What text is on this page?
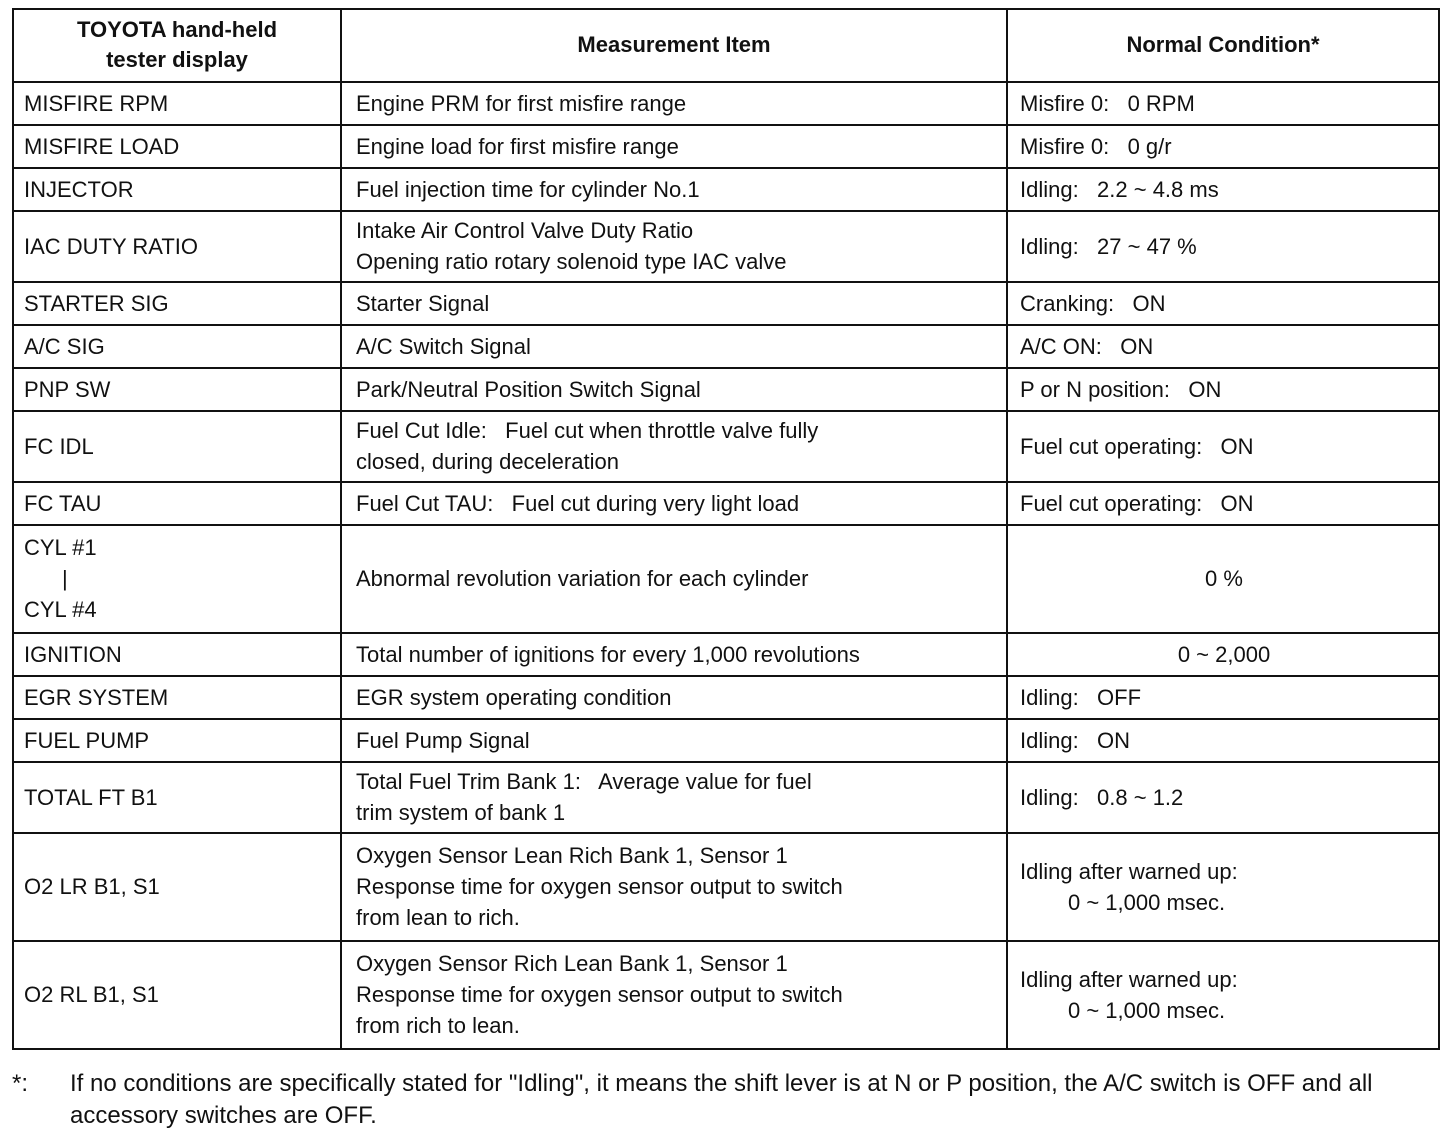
TOYOTA hand-held
tester display	Measurement Item	Normal Condition*
MISFIRE RPM	Engine PRM for first misfire range	Misfire 0:   0 RPM

MISFIRE LOAD	Engine load for first misfire range	Misfire 0:   0 g/r

INJECTOR	Fuel injection time for cylinder No.1	Idling:   2.2 ~ 4.8 ms

IAC DUTY RATIO	Intake Air Control Valve Duty Ratio
Opening ratio rotary solenoid type IAC valve	Idling:   27 ~ 47 %

STARTER SIG	Starter Signal	Cranking:   ON

A/C SIG	A/C Switch Signal	A/C ON:   ON

PNP SW	Park/Neutral Position Switch Signal	P or N position:   ON

FC IDL	Fuel Cut Idle:   Fuel cut when throttle valve fully
closed, during deceleration	Fuel cut operating:   ON

FC TAU	Fuel Cut TAU:   Fuel cut during very light load	Fuel cut operating:   ON

CYL #1
|
CYL #4	Abnormal revolution variation for each cylinder	0 %

IGNITION	Total number of ignitions for every 1,000 revolutions	0 ~ 2,000

EGR SYSTEM	EGR system operating condition	Idling:   OFF

FUEL PUMP	Fuel Pump Signal	Idling:   ON

TOTAL FT B1	Total Fuel Trim Bank 1:   Average value for fuel
trim system of bank 1	Idling:   0.8 ~ 1.2

O2 LR B1, S1	Oxygen Sensor Lean Rich Bank 1, Sensor 1
Response time for oxygen sensor output to switch
from lean to rich.	Idling after warned up:
0 ~ 1,000 msec.

O2 RL B1, S1	Oxygen Sensor Rich Lean Bank 1, Sensor 1
Response time for oxygen sensor output to switch
from rich to lean.	Idling after warned up:
0 ~ 1,000 msec.
*:	If no conditions are specifically stated for "Idling", it means the shift lever is at N or P position, the A/C switch is OFF and all accessory switches are OFF.
